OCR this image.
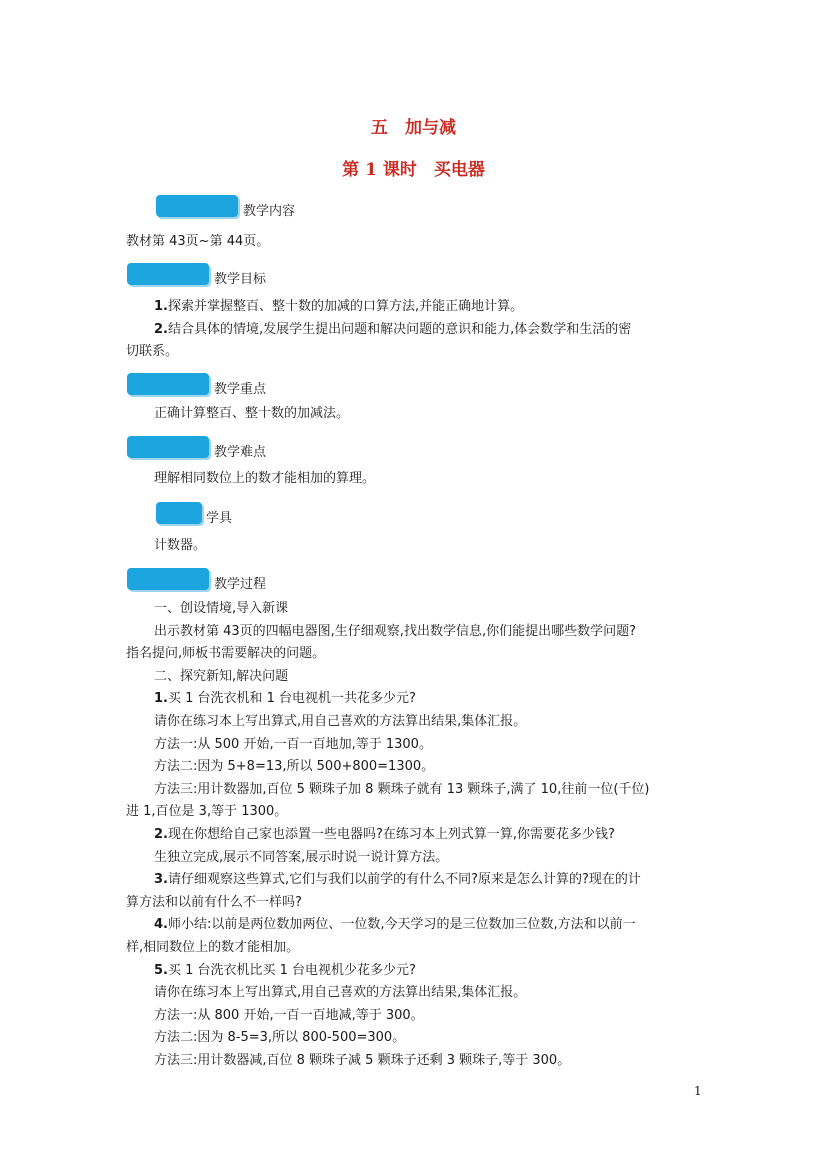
五　加与减
第 1 课时　买电器
教学内容
教材第 43页~第 44页。
教学目标
1.探索并掌握整百、整十数的加减的口算方法,并能正确地计算。
2.结合具体的情境,发展学生提出问题和解决问题的意识和能力,体会数学和生活的密
切联系。
教学重点
正确计算整百、整十数的加减法。
教学难点
理解相同数位上的数才能相加的算理。
学具
计数器。
教学过程
一、创设情境,导入新课
出示教材第 43页的四幅电器图,生仔细观察,找出数学信息,你们能提出哪些数学问题?
指名提问,师板书需要解决的问题。
二、探究新知,解决问题
1.买 1 台洗衣机和 1 台电视机一共花多少元?
请你在练习本上写出算式,用自己喜欢的方法算出结果,集体汇报。
方法一:从 500 开始,一百一百地加,等于 1300。
方法二:因为 5+8=13,所以 500+800=1300。
方法三:用计数器加,百位 5 颗珠子加 8 颗珠子就有 13 颗珠子,满了 10,往前一位(千位)
进 1,百位是 3,等于 1300。
2.现在你想给自己家也添置一些电器吗?在练习本上列式算一算,你需要花多少钱?
生独立完成,展示不同答案,展示时说一说计算方法。
3.请仔细观察这些算式,它们与我们以前学的有什么不同?原来是怎么计算的?现在的计
算方法和以前有什么不一样吗?
4.师小结:以前是两位数加两位、一位数,今天学习的是三位数加三位数,方法和以前一
样,相同数位上的数才能相加。
5.买 1 台洗衣机比买 1 台电视机少花多少元?
请你在练习本上写出算式,用自己喜欢的方法算出结果,集体汇报。
方法一:从 800 开始,一百一百地减,等于 300。
方法二:因为 8-5=3,所以 800-500=300。
方法三:用计数器减,百位 8 颗珠子减 5 颗珠子还剩 3 颗珠子,等于 300。
1
